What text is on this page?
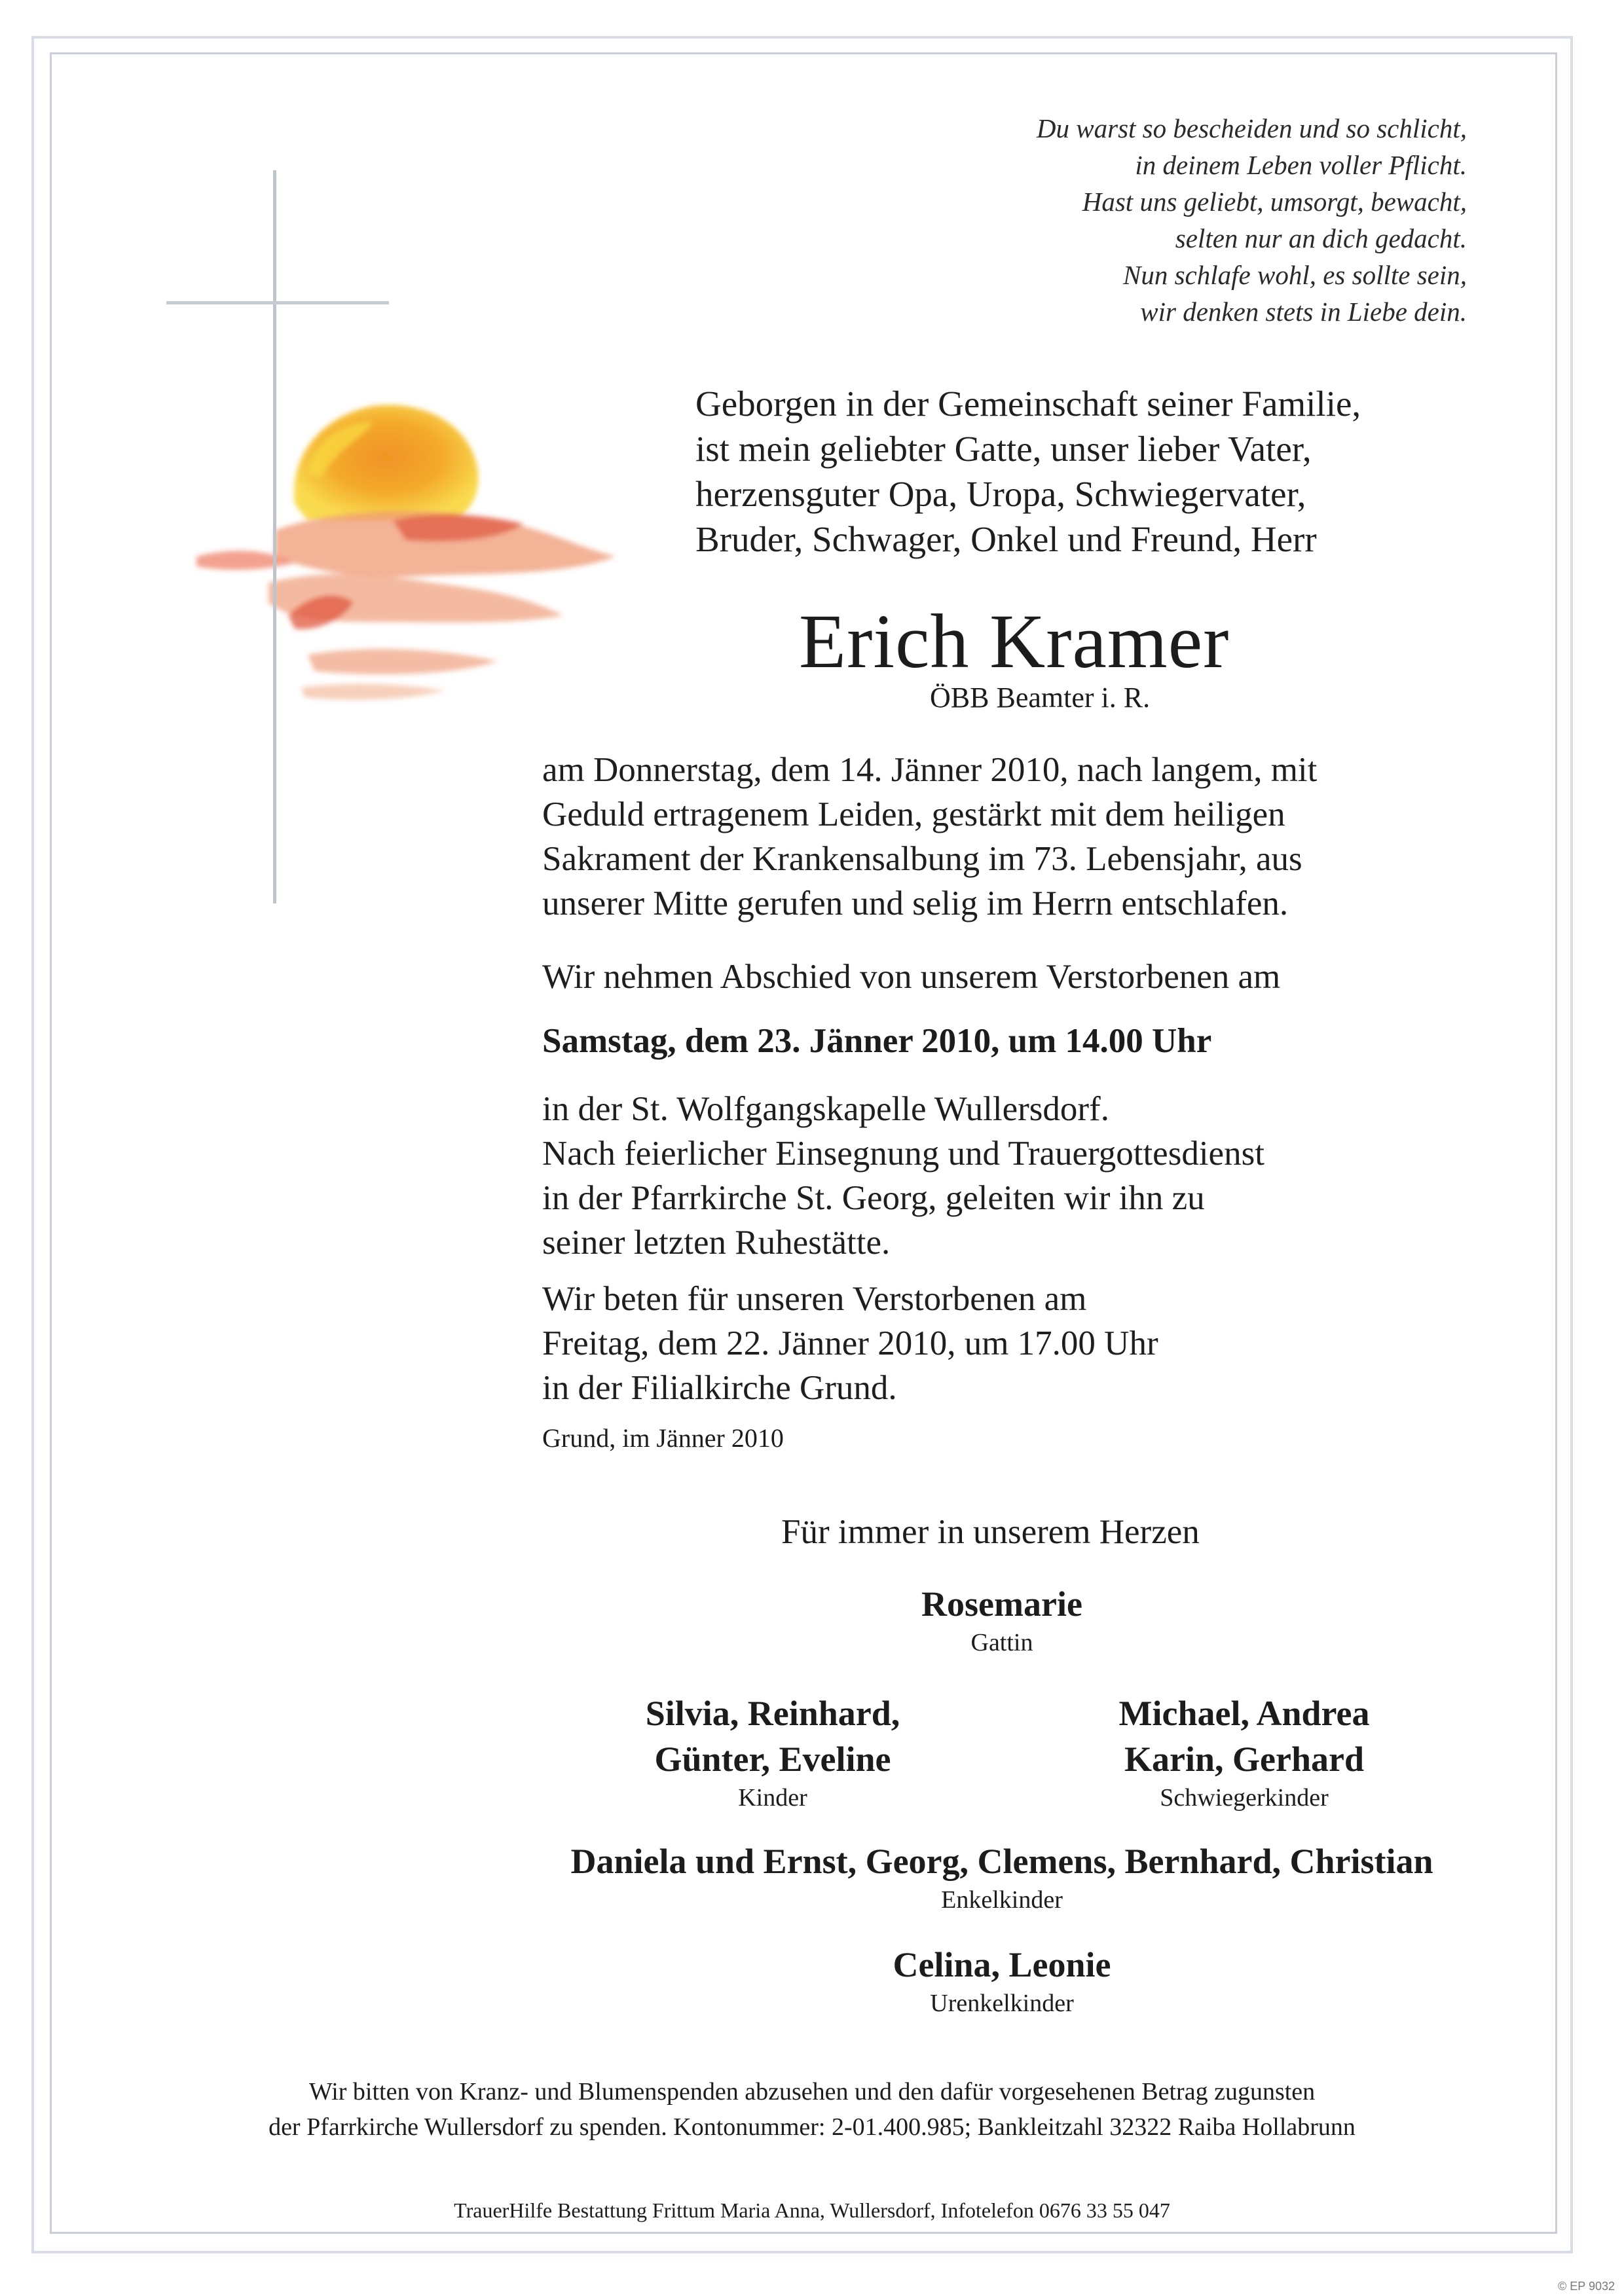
Du warst so bescheiden und so schlicht,
in deinem Leben voller Pflicht.
Hast uns geliebt, umsorgt, bewacht,
selten nur an dich gedacht.
Nun schlafe wohl, es sollte sein,
wir denken stets in Liebe dein.
Geborgen in der Gemeinschaft seiner Familie,
ist mein geliebter Gatte, unser lieber Vater,
herzensguter Opa, Uropa, Schwiegervater,
Bruder, Schwager, Onkel und Freund, Herr
Erich Kramer
ÖBB Beamter i. R.
am Donnerstag, dem 14. Jänner 2010, nach langem, mit
Geduld ertragenem Leiden, gestärkt mit dem heiligen
Sakrament der Krankensalbung im 73. Lebensjahr, aus
unserer Mitte gerufen und selig im Herrn entschlafen.
Wir nehmen Abschied von unserem Verstorbenen am
Samstag, dem 23. Jänner 2010, um 14.00 Uhr
in der St. Wolfgangskapelle Wullersdorf.
Nach feierlicher Einsegnung und Trauergottesdienst
in der Pfarrkirche St. Georg, geleiten wir ihn zu
seiner letzten Ruhestätte.
Wir beten für unseren Verstorbenen am
Freitag, dem 22. Jänner 2010, um 17.00 Uhr
in der Filialkirche Grund.
Grund, im Jänner 2010
Für immer in unserem Herzen
Rosemarie
Gattin
Silvia, Reinhard,
Günter, Eveline
Kinder
Michael, Andrea
Karin, Gerhard
Schwiegerkinder
Daniela und Ernst, Georg, Clemens, Bernhard, Christian
Enkelkinder
Celina, Leonie
Urenkelkinder
Wir bitten von Kranz- und Blumenspenden abzusehen und den dafür vorgesehenen Betrag zugunsten
der Pfarrkirche Wullersdorf zu spenden. Kontonummer: 2-01.400.985; Bankleitzahl 32322 Raiba Hollabrunn
TrauerHilfe Bestattung Frittum Maria Anna, Wullersdorf, Infotelefon 0676 33 55 047
© EP 9032
